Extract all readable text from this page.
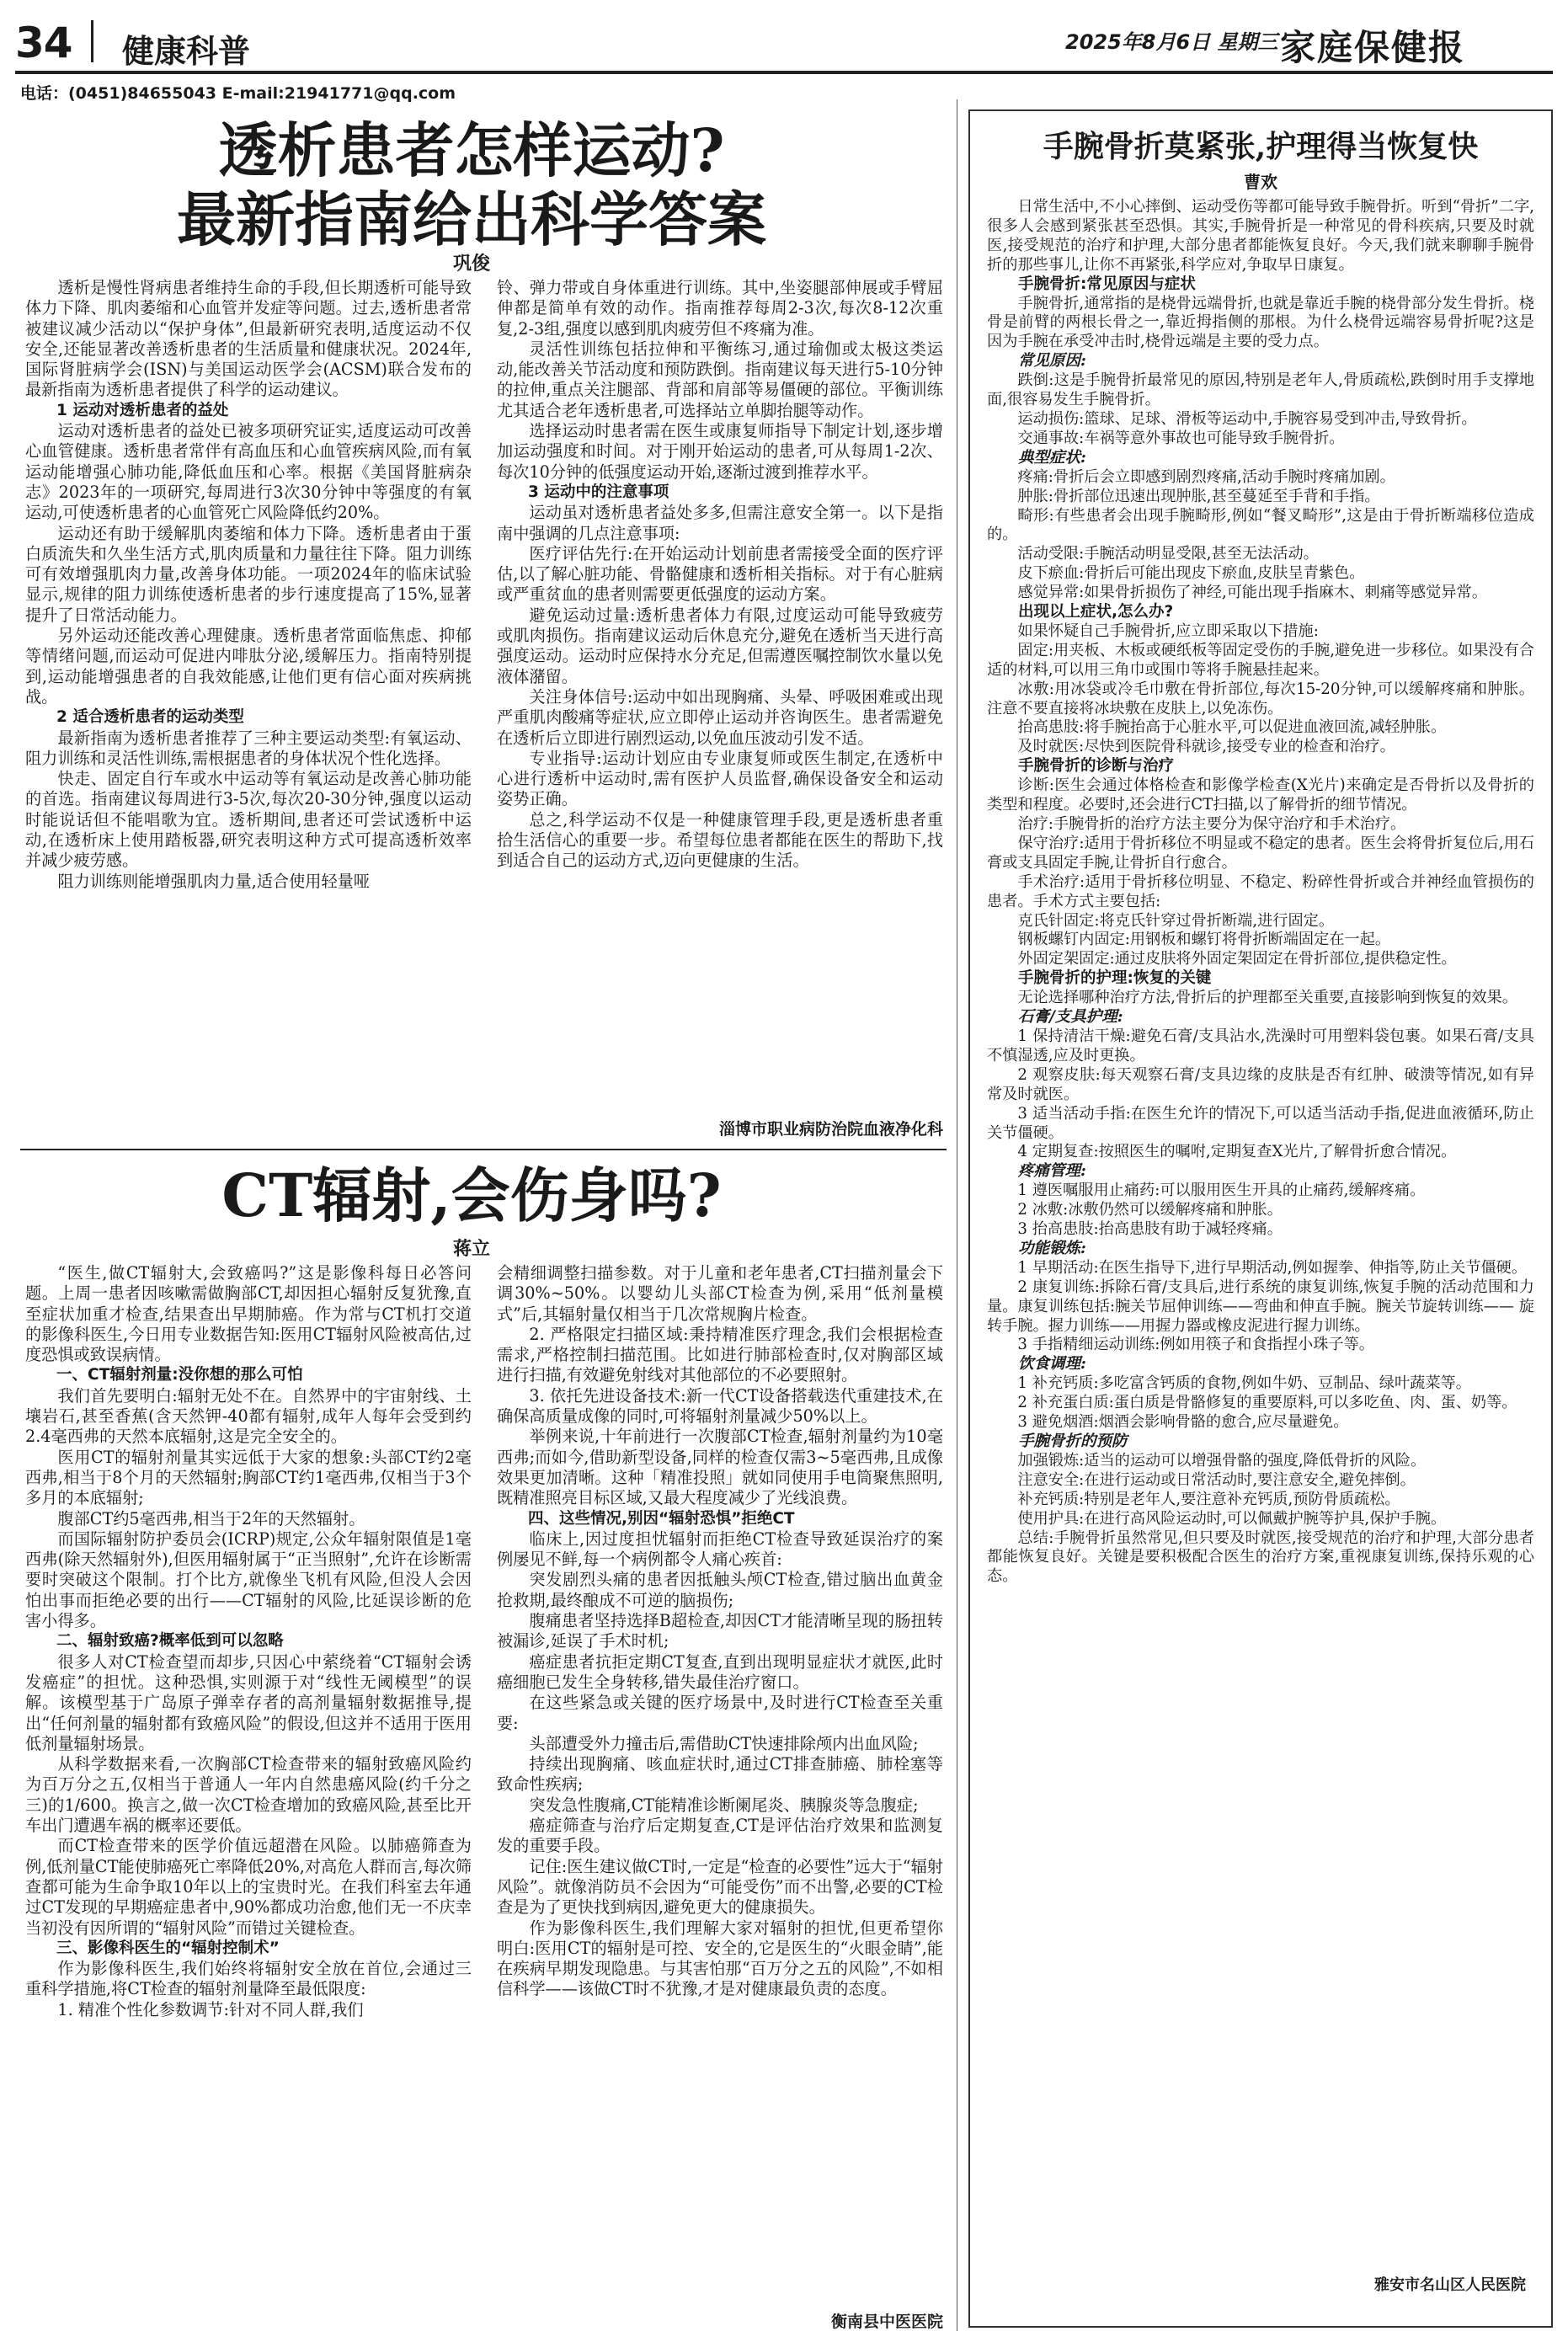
34 健康科普	2025年8月6日 星期三 家庭保健报
电话：(0451)84655043 E-mail:21941771@qq.com
透析患者怎样运动?
最新指南给出科学答案
巩俊

透析是慢性肾病患者维持生命的手段,但长期透析可能导致体力下降、肌肉萎缩和心血管并发症等问题。过去,透析患者常被建议减少活动以“保护身体”,但最新研究表明,适度运动不仅安全,还能显著改善透析患者的生活质量和健康状况。2024年,国际肾脏病学会(ISN)与美国运动医学会(ACSM)联合发布的最新指南为透析患者提供了科学的运动建议。

1 运动对透析患者的益处

运动对透析患者的益处已被多项研究证实,适度运动可改善心血管健康。透析患者常伴有高血压和心血管疾病风险,而有氧运动能增强心肺功能,降低血压和心率。根据《美国肾脏病杂志》2023年的一项研究,每周进行3次30分钟中等强度的有氧运动,可使透析患者的心血管死亡风险降低约20%。

运动还有助于缓解肌肉萎缩和体力下降。透析患者由于蛋白质流失和久坐生活方式,肌肉质量和力量往往下降。阻力训练可有效增强肌肉力量,改善身体功能。一项2024年的临床试验显示,规律的阻力训练使透析患者的步行速度提高了15%,显著提升了日常活动能力。

另外运动还能改善心理健康。透析患者常面临焦虑、抑郁等情绪问题,而运动可促进内啡肽分泌,缓解压力。指南特别提到,运动能增强患者的自我效能感,让他们更有信心面对疾病挑战。

2 适合透析患者的运动类型

最新指南为透析患者推荐了三种主要运动类型:有氧运动、阻力训练和灵活性训练,需根据患者的身体状况个性化选择。

快走、固定自行车或水中运动等有氧运动是改善心肺功能的首选。指南建议每周进行3-5次,每次20-30分钟,强度以运动时能说话但不能唱歌为宜。透析期间,患者还可尝试透析中运动,在透析床上使用踏板器,研究表明这种方式可提高透析效率并减少疲劳感。

阻力训练则能增强肌肉力量,适合使用轻量哑

铃、弹力带或自身体重进行训练。其中,坐姿腿部伸展或手臂屈伸都是简单有效的动作。指南推荐每周2-3次,每次8-12次重复,2-3组,强度以感到肌肉疲劳但不疼痛为准。

灵活性训练包括拉伸和平衡练习,通过瑜伽或太极这类运动,能改善关节活动度和预防跌倒。指南建议每天进行5-10分钟的拉伸,重点关注腿部、背部和肩部等易僵硬的部位。平衡训练尤其适合老年透析患者,可选择站立单脚抬腿等动作。

选择运动时患者需在医生或康复师指导下制定计划,逐步增加运动强度和时间。对于刚开始运动的患者,可从每周1-2次、每次10分钟的低强度运动开始,逐渐过渡到推荐水平。

3 运动中的注意事项

运动虽对透析患者益处多多,但需注意安全第一。以下是指南中强调的几点注意事项:

医疗评估先行:在开始运动计划前患者需接受全面的医疗评估,以了解心脏功能、骨骼健康和透析相关指标。对于有心脏病或严重贫血的患者则需要更低强度的运动方案。

避免运动过量:透析患者体力有限,过度运动可能导致疲劳或肌肉损伤。指南建议运动后休息充分,避免在透析当天进行高强度运动。运动时应保持水分充足,但需遵医嘱控制饮水量以免液体潴留。

关注身体信号:运动中如出现胸痛、头晕、呼吸困难或出现严重肌肉酸痛等症状,应立即停止运动并咨询医生。患者需避免在透析后立即进行剧烈运动,以免血压波动引发不适。

专业指导:运动计划应由专业康复师或医生制定,在透析中心进行透析中运动时,需有医护人员监督,确保设备安全和运动姿势正确。

总之,科学运动不仅是一种健康管理手段,更是透析患者重拾生活信心的重要一步。希望每位患者都能在医生的帮助下,找到适合自己的运动方式,迈向更健康的生活。

淄博市职业病防治院血液净化科
CT辐射,会伤身吗?
蒋立

“医生,做CT辐射大,会致癌吗?”这是影像科每日必答问题。上周一患者因咳嗽需做胸部CT,却因担心辐射反复犹豫,直至症状加重才检查,结果查出早期肺癌。作为常与CT机打交道的影像科医生,今日用专业数据告知:医用CT辐射风险被高估,过度恐惧或致误病情。

一、CT辐射剂量:没你想的那么可怕

我们首先要明白:辐射无处不在。自然界中的宇宙射线、土壤岩石,甚至香蕉(含天然钾-40都有辐射,成年人每年会受到约2.4毫西弗的天然本底辐射,这是完全安全的。

医用CT的辐射剂量其实远低于大家的想象:头部CT约2毫西弗,相当于8个月的天然辐射;胸部CT约1毫西弗,仅相当于3个多月的本底辐射;

腹部CT约5毫西弗,相当于2年的天然辐射。

而国际辐射防护委员会(ICRP)规定,公众年辐射限值是1毫西弗(除天然辐射外),但医用辐射属于“正当照射”,允许在诊断需要时突破这个限制。打个比方,就像坐飞机有风险,但没人会因怕出事而拒绝必要的出行——CT辐射的风险,比延误诊断的危害小得多。

二、辐射致癌?概率低到可以忽略

很多人对CT检查望而却步,只因心中萦绕着“CT辐射会诱发癌症”的担忧。这种恐惧,实则源于对“线性无阈模型”的误解。该模型基于广岛原子弹幸存者的高剂量辐射数据推导,提出“任何剂量的辐射都有致癌风险”的假设,但这并不适用于医用低剂量辐射场景。

从科学数据来看,一次胸部CT检查带来的辐射致癌风险约为百万分之五,仅相当于普通人一年内自然患癌风险(约千分之三)的1/600。换言之,做一次CT检查增加的致癌风险,甚至比开车出门遭遇车祸的概率还要低。

而CT检查带来的医学价值远超潜在风险。以肺癌筛查为例,低剂量CT能使肺癌死亡率降低20%,对高危人群而言,每次筛查都可能为生命争取10年以上的宝贵时光。在我们科室去年通过CT发现的早期癌症患者中,90%都成功治愈,他们无一不庆幸当初没有因所谓的“辐射风险”而错过关键检查。

三、影像科医生的“辐射控制术”

作为影像科医生,我们始终将辐射安全放在首位,会通过三重科学措施,将CT检查的辐射剂量降至最低限度:

1. 精准个性化参数调节:针对不同人群,我们

会精细调整扫描参数。对于儿童和老年患者,CT扫描剂量会下调30%~50%。以婴幼儿头部CT检查为例,采用“低剂量模式”后,其辐射量仅相当于几次常规胸片检查。

2. 严格限定扫描区域:秉持精准医疗理念,我们会根据检查需求,严格控制扫描范围。比如进行肺部检查时,仅对胸部区域进行扫描,有效避免射线对其他部位的不必要照射。

3. 依托先进设备技术:新一代CT设备搭载迭代重建技术,在确保高质量成像的同时,可将辐射剂量减少50%以上。

举例来说,十年前进行一次腹部CT检查,辐射剂量约为10毫西弗;而如今,借助新型设备,同样的检查仅需3~5毫西弗,且成像效果更加清晰。这种「精准投照」就如同使用手电筒聚焦照明,既精准照亮目标区域,又最大程度减少了光线浪费。

四、这些情况,别因“辐射恐惧”拒绝CT

临床上,因过度担忧辐射而拒绝CT检查导致延误治疗的案例屡见不鲜,每一个病例都令人痛心疾首:

突发剧烈头痛的患者因抵触头颅CT检查,错过脑出血黄金抢救期,最终酿成不可逆的脑损伤;

腹痛患者坚持选择B超检查,却因CT才能清晰呈现的肠扭转被漏诊,延误了手术时机;

癌症患者抗拒定期CT复查,直到出现明显症状才就医,此时癌细胞已发生全身转移,错失最佳治疗窗口。

在这些紧急或关键的医疗场景中,及时进行CT检查至关重要:

头部遭受外力撞击后,需借助CT快速排除颅内出血风险;

持续出现胸痛、咳血症状时,通过CT排查肺癌、肺栓塞等致命性疾病;

突发急性腹痛,CT能精准诊断阑尾炎、胰腺炎等急腹症;

癌症筛查与治疗后定期复查,CT是评估治疗效果和监测复发的重要手段。

记住:医生建议做CT时,一定是“检查的必要性”远大于“辐射风险”。就像消防员不会因为“可能受伤”而不出警,必要的CT检查是为了更快找到病因,避免更大的健康损失。

作为影像科医生,我们理解大家对辐射的担忧,但更希望你明白:医用CT的辐射是可控、安全的,它是医生的“火眼金睛”,能在疾病早期发现隐患。与其害怕那“百万分之五的风险”,不如相信科学——该做CT时不犹豫,才是对健康最负责的态度。

衡南县中医医院
手腕骨折莫紧张,护理得当恢复快
曹欢

日常生活中,不小心摔倒、运动受伤等都可能导致手腕骨折。听到“骨折”二字,很多人会感到紧张甚至恐惧。其实,手腕骨折是一种常见的骨科疾病,只要及时就医,接受规范的治疗和护理,大部分患者都能恢复良好。今天,我们就来聊聊手腕骨折的那些事儿,让你不再紧张,科学应对,争取早日康复。

手腕骨折:常见原因与症状

手腕骨折,通常指的是桡骨远端骨折,也就是靠近手腕的桡骨部分发生骨折。桡骨是前臂的两根长骨之一,靠近拇指侧的那根。为什么桡骨远端容易骨折呢?这是因为手腕在承受冲击时,桡骨远端是主要的受力点。

常见原因:

跌倒:这是手腕骨折最常见的原因,特别是老年人,骨质疏松,跌倒时用手支撑地面,很容易发生手腕骨折。

运动损伤:篮球、足球、滑板等运动中,手腕容易受到冲击,导致骨折。

交通事故:车祸等意外事故也可能导致手腕骨折。

典型症状:

疼痛:骨折后会立即感到剧烈疼痛,活动手腕时疼痛加剧。

肿胀:骨折部位迅速出现肿胀,甚至蔓延至手背和手指。

畸形:有些患者会出现手腕畸形,例如“餐叉畸形”,这是由于骨折断端移位造成的。

活动受限:手腕活动明显受限,甚至无法活动。

皮下瘀血:骨折后可能出现皮下瘀血,皮肤呈青紫色。

感觉异常:如果骨折损伤了神经,可能出现手指麻木、刺痛等感觉异常。

出现以上症状,怎么办?

如果怀疑自己手腕骨折,应立即采取以下措施:

固定:用夹板、木板或硬纸板等固定受伤的手腕,避免进一步移位。如果没有合适的材料,可以用三角巾或围巾等将手腕悬挂起来。

冰敷:用冰袋或冷毛巾敷在骨折部位,每次15-20分钟,可以缓解疼痛和肿胀。注意不要直接将冰块敷在皮肤上,以免冻伤。

抬高患肢:将手腕抬高于心脏水平,可以促进血液回流,减轻肿胀。

及时就医:尽快到医院骨科就诊,接受专业的检查和治疗。

手腕骨折的诊断与治疗

诊断:医生会通过体格检查和影像学检查(X光片)来确定是否骨折以及骨折的类型和程度。必要时,还会进行CT扫描,以了解骨折的细节情况。

治疗:手腕骨折的治疗方法主要分为保守治疗和手术治疗。

保守治疗:适用于骨折移位不明显或不稳定的患者。医生会将骨折复位后,用石膏或支具固定手腕,让骨折自行愈合。

手术治疗:适用于骨折移位明显、不稳定、粉碎性骨折或合并神经血管损伤的患者。手术方式主要包括:

克氏针固定:将克氏针穿过骨折断端,进行固定。

钢板螺钉内固定:用钢板和螺钉将骨折断端固定在一起。

外固定架固定:通过皮肤将外固定架固定在骨折部位,提供稳定性。

手腕骨折的护理:恢复的关键

无论选择哪种治疗方法,骨折后的护理都至关重要,直接影响到恢复的效果。

石膏/支具护理:

1 保持清洁干燥:避免石膏/支具沾水,洗澡时可用塑料袋包裹。如果石膏/支具不慎湿透,应及时更换。

2 观察皮肤:每天观察石膏/支具边缘的皮肤是否有红肿、破溃等情况,如有异常及时就医。

3 适当活动手指:在医生允许的情况下,可以适当活动手指,促进血液循环,防止关节僵硬。

4 定期复查:按照医生的嘱咐,定期复查X光片,了解骨折愈合情况。

疼痛管理:

1 遵医嘱服用止痛药:可以服用医生开具的止痛药,缓解疼痛。

2 冰敷:冰敷仍然可以缓解疼痛和肿胀。

3 抬高患肢:抬高患肢有助于减轻疼痛。

功能锻炼:

1 早期活动:在医生指导下,进行早期活动,例如握拳、伸指等,防止关节僵硬。

2 康复训练:拆除石膏/支具后,进行系统的康复训练,恢复手腕的活动范围和力量。康复训练包括:腕关节屈伸训练——弯曲和伸直手腕。腕关节旋转训练—— 旋转手腕。握力训练——用握力器或橡皮泥进行握力训练。

3 手指精细运动训练:例如用筷子和食指捏小珠子等。

饮食调理:

1 补充钙质:多吃富含钙质的食物,例如牛奶、豆制品、绿叶蔬菜等。

2 补充蛋白质:蛋白质是骨骼修复的重要原料,可以多吃鱼、肉、蛋、奶等。

3 避免烟酒:烟酒会影响骨骼的愈合,应尽量避免。

手腕骨折的预防

加强锻炼:适当的运动可以增强骨骼的强度,降低骨折的风险。

注意安全:在进行运动或日常活动时,要注意安全,避免摔倒。

补充钙质:特别是老年人,要注意补充钙质,预防骨质疏松。

使用护具:在进行高风险运动时,可以佩戴护腕等护具,保护手腕。

总结:手腕骨折虽然常见,但只要及时就医,接受规范的治疗和护理,大部分患者都能恢复良好。关键是要积极配合医生的治疗方案,重视康复训练,保持乐观的心态。

雅安市名山区人民医院
